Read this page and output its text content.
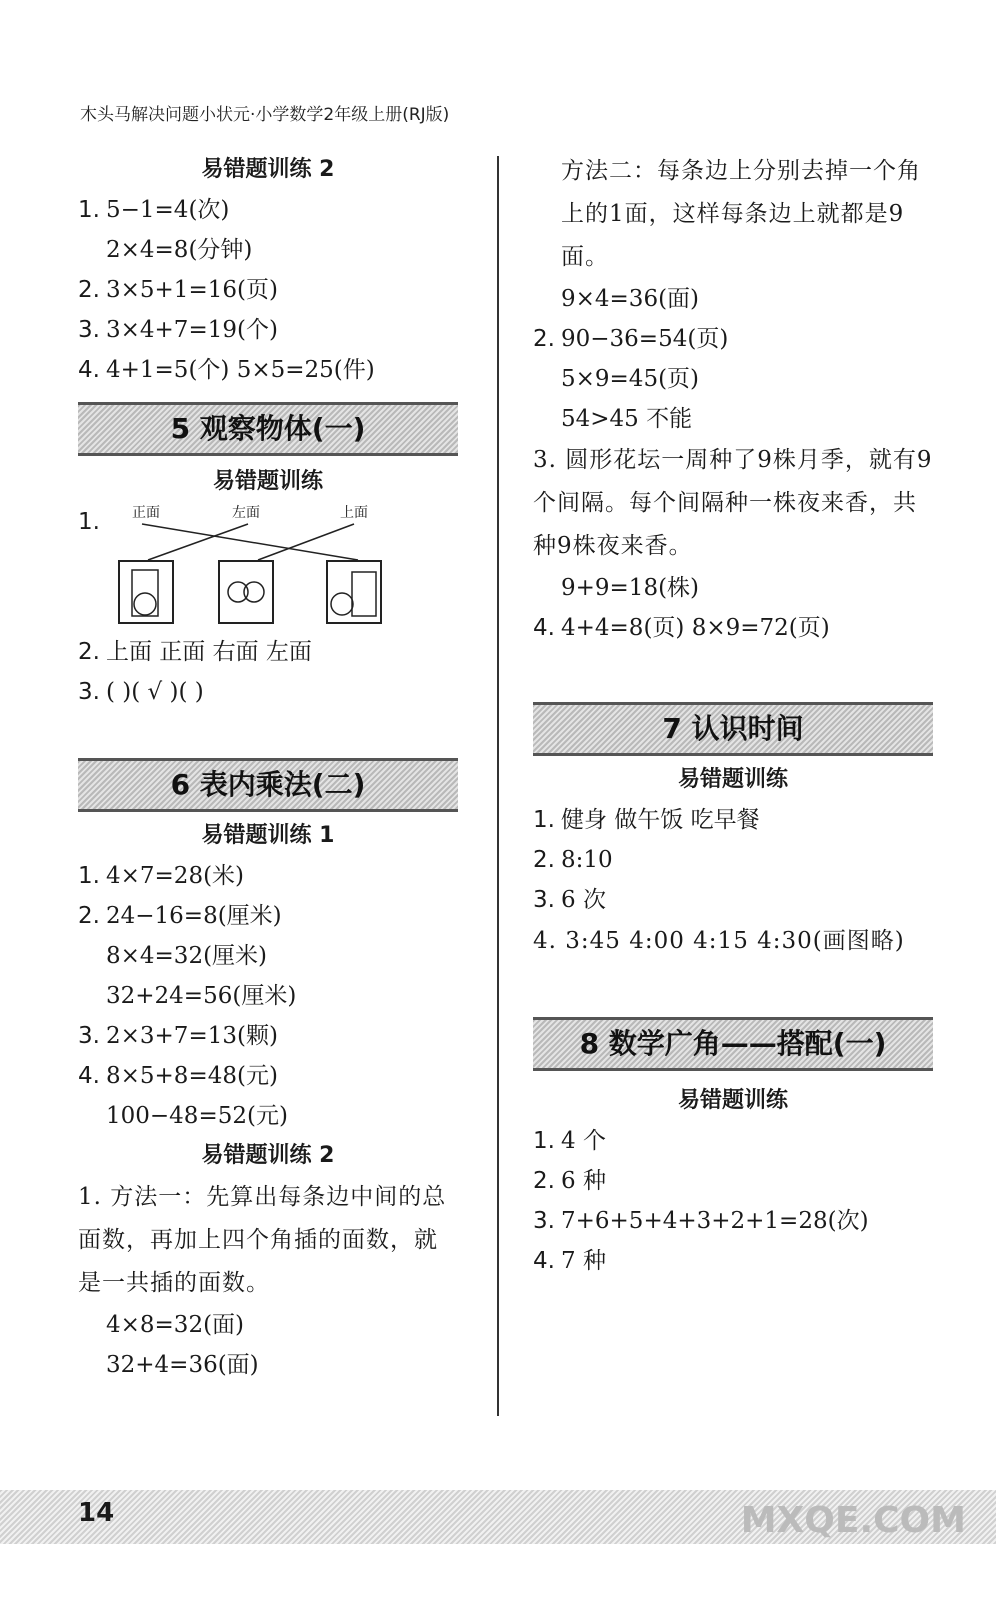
木头马解决问题小状元·小学数学2年级上册(RJ版)
易错题训练 2
1. 5−1=4(次)
2×4=8(分钟)
2. 3×5+1=16(页)
3. 3×4+7=19(个)
4. 4+1=5(个) 5×5=25(件)
5 观察物体(一)
易错题训练
1.	正面	左面	上面
2. 上面 正面 右面 左面
3. ( )( √ )( )
6 表内乘法(二)
易错题训练 1
1. 4×7=28(米)
2. 24−16=8(厘米)
8×4=32(厘米)
32+24=56(厘米)
3. 2×3+7=13(颗)
4. 8×5+8=48(元)
100−48=52(元)
易错题训练 2
1. 方法一：先算出每条边中间的总面数，再加上四个角插的面数，就是一共插的面数。
4×8=32(面)
32+4=36(面)
方法二：每条边上分别去掉一个角上的1面，这样每条边上就都是9面。
9×4=36(面)
2. 90−36=54(页)
5×9=45(页)
54>45 不能
3. 圆形花坛一周种了9株月季，就有9个间隔。每个间隔种一株夜来香，共种9株夜来香。
9+9=18(株)
4. 4+4=8(页) 8×9=72(页)
7 认识时间
易错题训练
1. 健身 做午饭 吃早餐
2. 8:10
3. 6 次
4. 3:45 4:00 4:15 4:30(画图略)
8 数学广角——搭配(一)
易错题训练
1. 4 个
2. 6 种
3. 7+6+5+4+3+2+1=28(次)
4. 7 种
14	MXQE.COM
